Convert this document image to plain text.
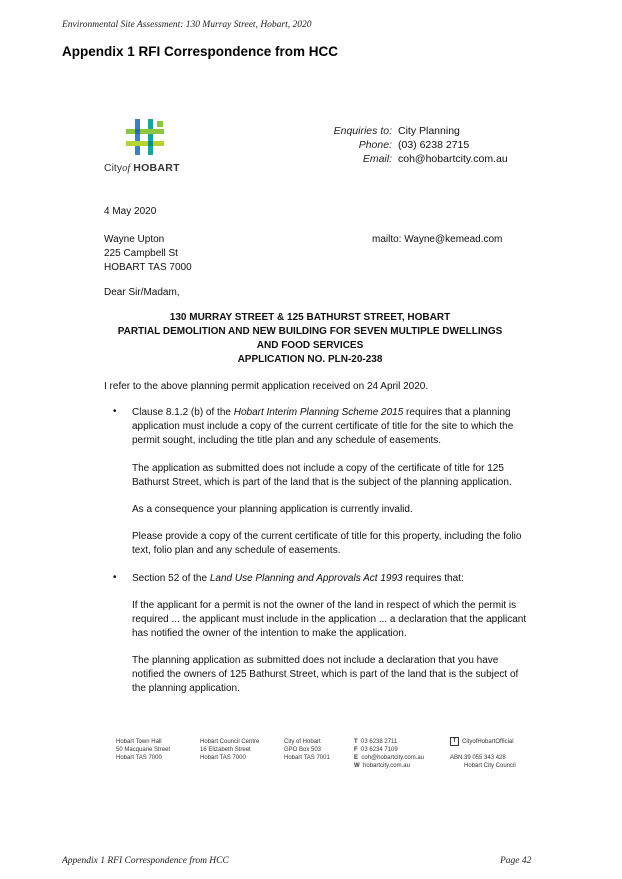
Environmental Site Assessment: 130 Murray Street, Hobart, 2020
Appendix 1 RFI Correspondence from HCC
Cityof HOBART
Enquiries to: City Planning
Phone: (03) 6238 2715
Email: coh@hobartcity.com.au
4 May 2020
Wayne Upton
225 Campbell St
HOBART TAS 7000
mailto: Wayne@kemead.com
Dear Sir/Madam,
130 MURRAY STREET & 125 BATHURST STREET, HOBART
PARTIAL DEMOLITION AND NEW BUILDING FOR SEVEN MULTIPLE DWELLINGS
AND FOOD SERVICES
APPLICATION NO. PLN-20-238
I refer to the above planning permit application received on 24 April 2020.
• Clause 8.1.2 (b) of the Hobart Interim Planning Scheme 2015 requires that a planning
application must include a copy of the current certificate of title for the site to which the
permit sought, including the title plan and any schedule of easements.
The application as submitted does not include a copy of the certificate of title for 125
Bathurst Street, which is part of the land that is the subject of the planning application.
As a consequence your planning application is currently invalid.
Please provide a copy of the current certificate of title for this property, including the folio
text, folio plan and any schedule of easements.
• Section 52 of the Land Use Planning and Approvals Act 1993 requires that:
If the applicant for a permit is not the owner of the land in respect of which the permit is
required ... the applicant must include in the application ... a declaration that the applicant
has notified the owner of the intention to make the application.
The planning application as submitted does not include a declaration that you have
notified the owners of 125 Bathurst Street, which is part of the land that is the subject of
the planning application.
Hobart Town Hall
50 Macquarie Street
Hobart TAS 7000
Hobart Council Centre
16 Elizabeth Street
Hobart TAS 7000
City of Hobart
GPO Box 503
Hobart TAS 7001
T 03 6238 2711
F 03 6234 7109
E coh@hobartcity.com.au
W hobartcity.com.au
f CityofHobartOfficial
ABN 39 055 343 428
Hobart City Council
Appendix 1 RFI Correspondence from HCC	Page 42
